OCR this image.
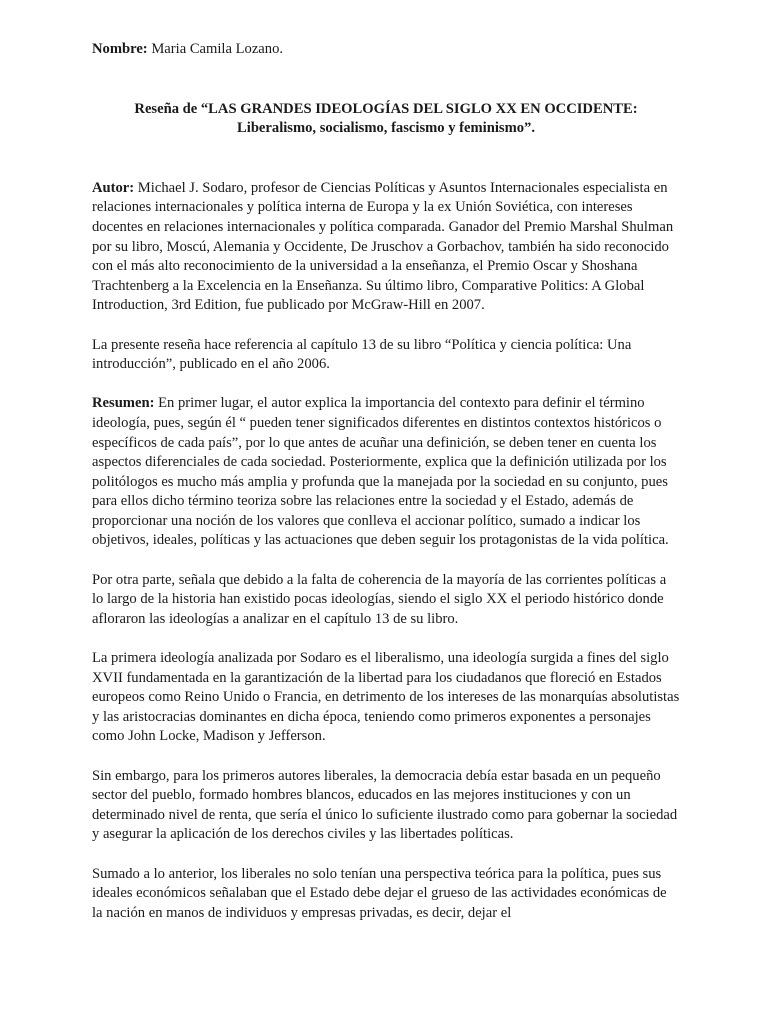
Nombre: Maria Camila Lozano.

Reseña de “LAS GRANDES IDEOLOGÍAS DEL SIGLO XX EN OCCIDENTE:
Liberalismo, socialismo, fascismo y feminismo”.

Autor: Michael J. Sodaro, profesor de Ciencias Políticas y Asuntos Internacionales especialista en relaciones internacionales y política interna de Europa y la ex Unión Soviética, con intereses docentes en relaciones internacionales y política comparada. Ganador del Premio Marshal Shulman por su libro, Moscú, Alemania y Occidente, De Jruschov a Gorbachov, también ha sido reconocido con el más alto reconocimiento de la universidad a la enseñanza, el Premio Oscar y Shoshana Trachtenberg a la Excelencia en la Enseñanza. Su último libro, Comparative Politics: A Global Introduction, 3rd Edition, fue publicado por McGraw-Hill en 2007.

La presente reseña hace referencia al capítulo 13 de su libro “Política y ciencia política: Una introducción”, publicado en el año 2006.

Resumen: En primer lugar, el autor explica la importancia del contexto para definir el término ideología, pues, según él “ pueden tener significados diferentes en distintos contextos históricos o específicos de cada país”, por lo que antes de acuñar una definición, se deben tener en cuenta los aspectos diferenciales de cada sociedad. Posteriormente, explica que la definición utilizada por los politólogos es mucho más amplia y profunda que la manejada por la sociedad en su conjunto, pues para ellos dicho término teoriza sobre las relaciones entre la sociedad y el Estado, además de proporcionar una noción de los valores que conlleva el accionar político, sumado a indicar los objetivos, ideales, políticas y las actuaciones que deben seguir los protagonistas de la vida política.

Por otra parte, señala que debido a la falta de coherencia de la mayoría de las corrientes políticas a lo largo de la historia han existido pocas ideologías, siendo el siglo XX el periodo histórico donde afloraron las ideologías a analizar en el capítulo 13 de su libro.

La primera ideología analizada por Sodaro es el liberalismo, una ideología surgida a fines del siglo XVII fundamentada en la garantización de la libertad para los ciudadanos que floreció en Estados europeos como Reino Unido o Francia, en detrimento de los intereses de las monarquías absolutistas y las aristocracias dominantes en dicha época, teniendo como primeros exponentes a personajes como John Locke, Madison y Jefferson.

Sin embargo, para los primeros autores liberales, la democracia debía estar basada en un pequeño sector del pueblo, formado hombres blancos, educados en las mejores instituciones y con un determinado nivel de renta, que sería el único lo suficiente ilustrado como para gobernar la sociedad y asegurar la aplicación de los derechos civiles y las libertades políticas.

Sumado a lo anterior, los liberales no solo tenían una perspectiva teórica para la política, pues sus ideales económicos señalaban que el Estado debe dejar el grueso de las actividades económicas de la nación en manos de individuos y empresas privadas, es decir, dejar el
